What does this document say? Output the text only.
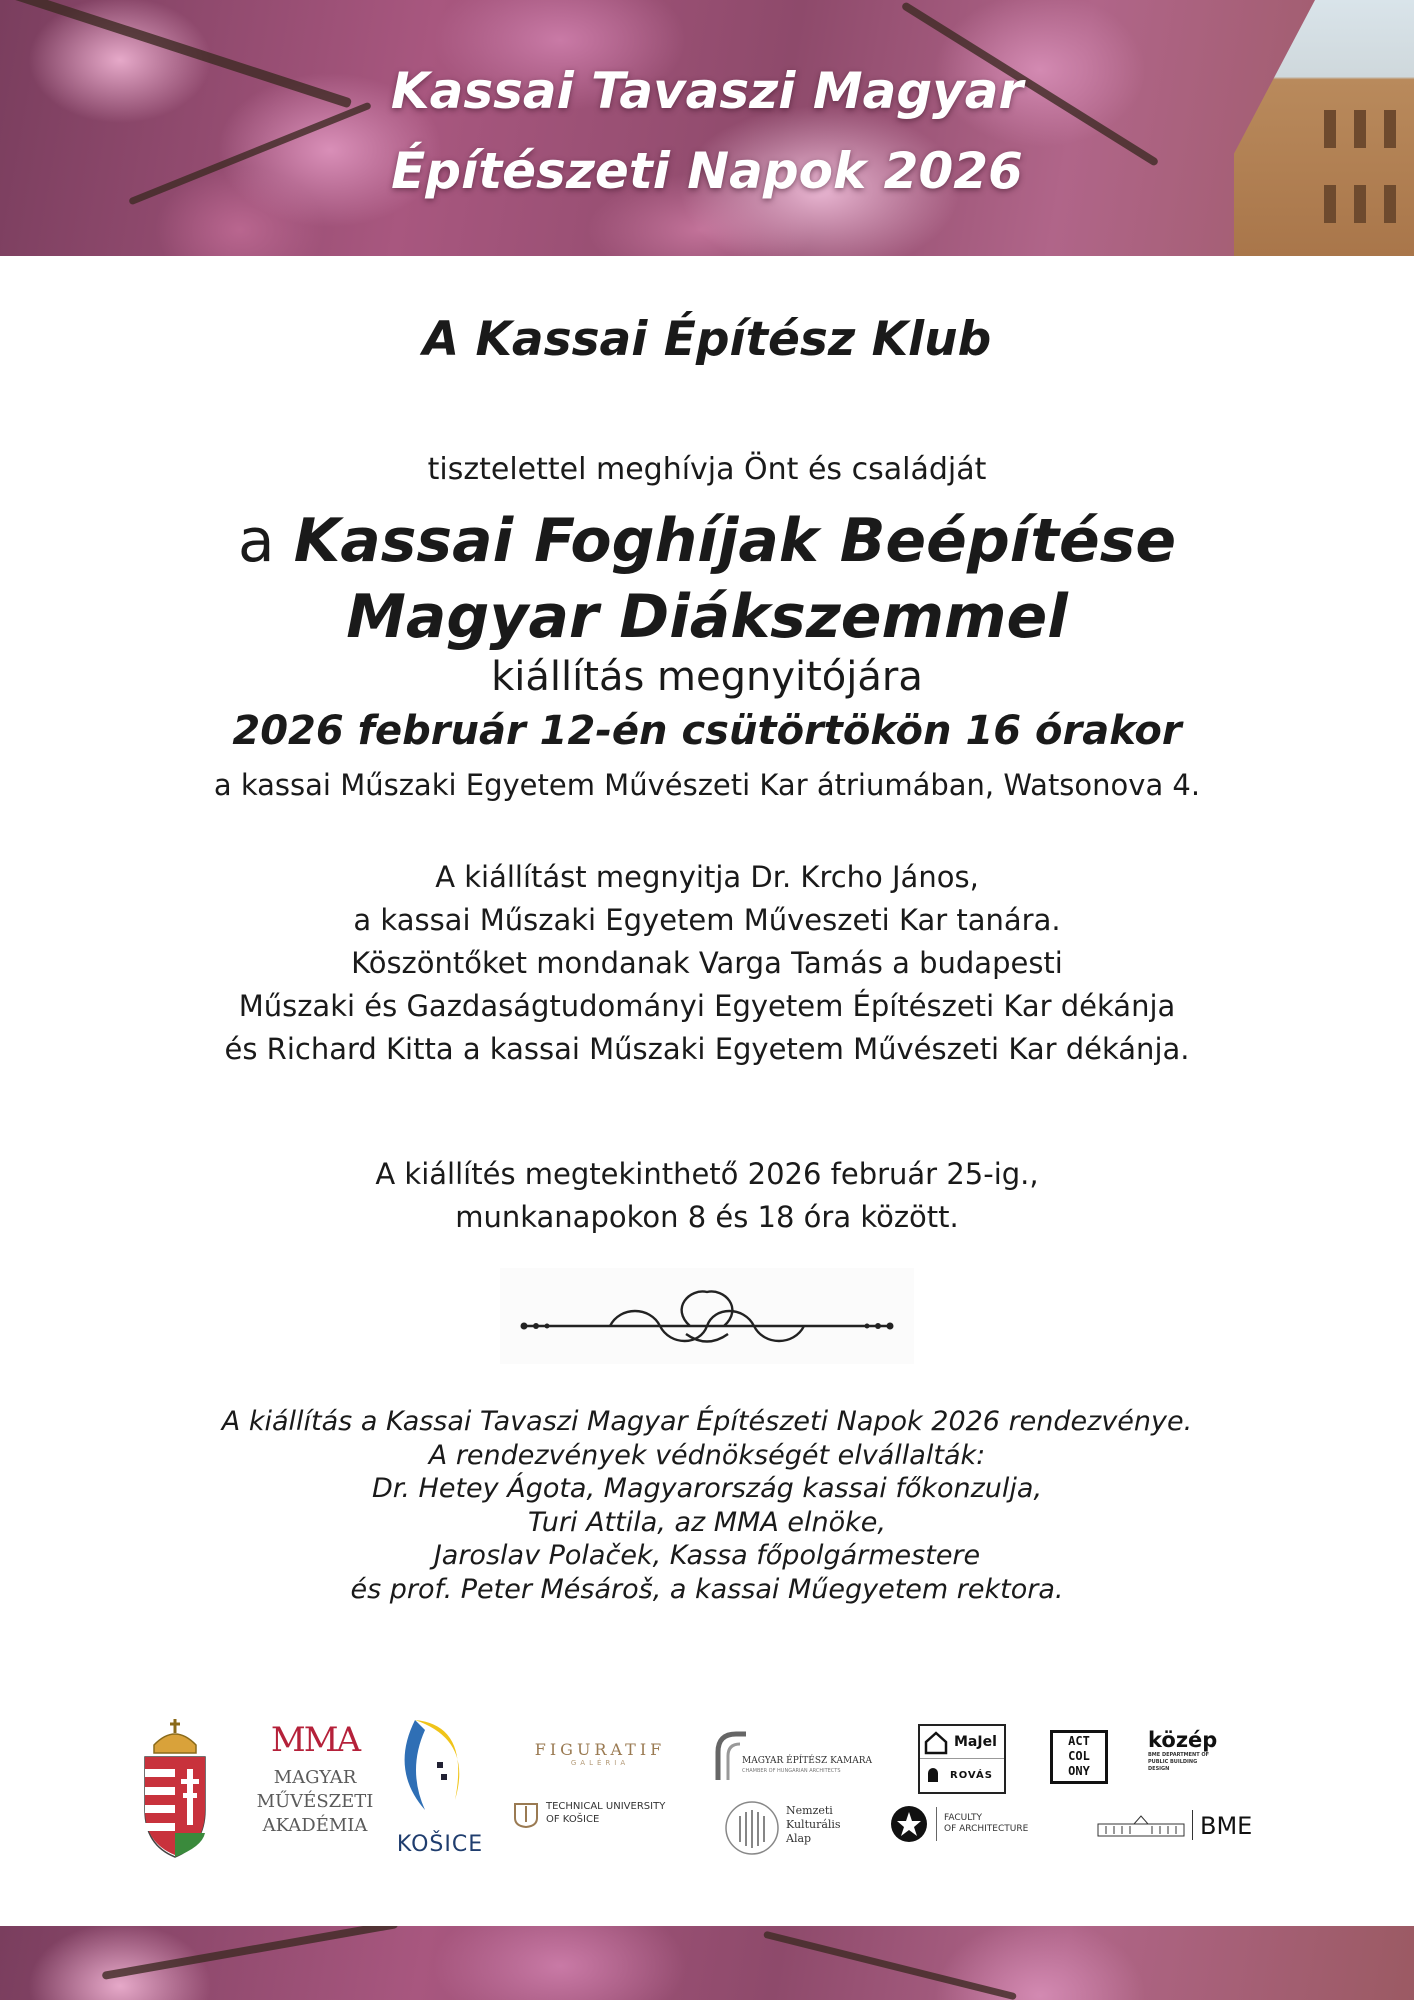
Kassai Tavaszi Magyar
Építészeti Napok 2026
A Kassai Építész Klub
tisztelettel meghívja Önt és családját
a Kassai Foghíjak Beépítése
Magyar Diákszemmel
kiállítás megnyitójára
2026 február 12-én csütörtökön 16 órakor
a kassai Műszaki Egyetem Művészeti Kar átriumában, Watsonova 4.
A kiállítást megnyitja Dr. Krcho János,
a kassai Műszaki Egyetem Műveszeti Kar tanára.
Köszöntőket mondanak Varga Tamás a budapesti
Műszaki és Gazdaságtudományi Egyetem Építészeti Kar dékánja
és Richard Kitta a kassai Műszaki Egyetem Művészeti Kar dékánja.
A kiállítés megtekinthető 2026 február 25-ig.,
munkanapokon 8 és 18 óra között.
A kiállítás a Kassai Tavaszi Magyar Építészeti Napok 2026 rendezvénye.
A rendezvények védnökségét elvállalták:
Dr. Hetey Ágota, Magyarország kassai főkonzulja,
Turi Attila, az MMA elnöke,
Jaroslav Polaček, Kassa főpolgármestere
és prof. Peter Mésároš, a kassai Műegyetem rektora.
MMA
MAGYAR
MŰVÉSZETI
AKADÉMIA
KOŠICE
FIGURATIF
GALÉRIA
TECHNICAL UNIVERSITY
OF KOŠICE
MAGYAR ÉPÍTÉSZ KAMARA
CHAMBER OF HUNGARIAN ARCHITECTS
Nemzeti
Kulturális
Alap
MaJel
ROVÁS
FACULTY
OF ARCHITECTURE
ACT
COL
ONY
közép
BME DEPARTMENT OF
PUBLIC BUILDING
DESIGN
BME
